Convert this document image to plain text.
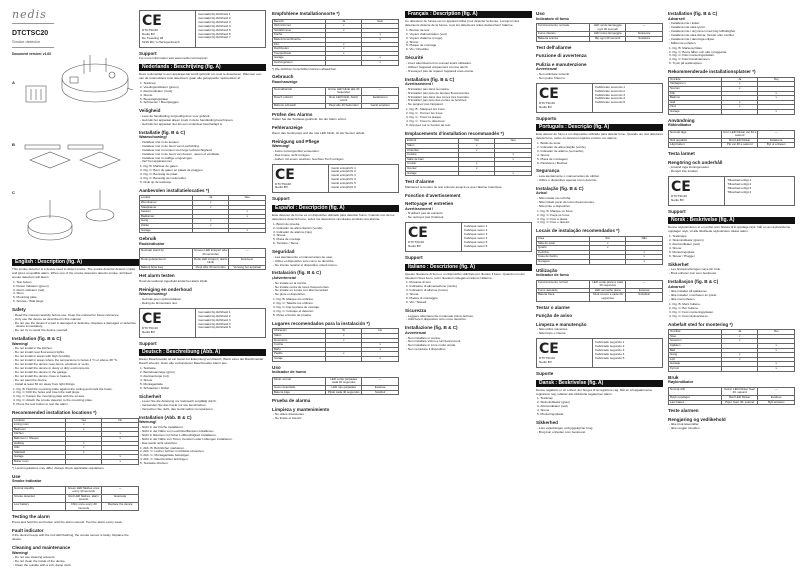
nedis
DTCTSC20
Smoke detector
Document version: v1.00
A
B
C
English : Description (fig. A)
This smoke detector is a device used to detect smoke. The smoke detector detects smoke and gives an audible alarm. When one of the smoke detectors detects smoke, all linked smoke detectors will alarm.
1. Test button
2. Power indicator (green)
3. Alarm indicator (red)
4. Siren
5. Mounting plate
6. Screws / Wall plugs
Safety
- Read the manual carefully before use. Keep the manual for future reference.
- Only use the device as described in this manual.
- Do not use the device if a part is damaged or defective. Replace a damaged or defective device immediately.
- Do not try to repair the device yourself.
Installation (fig. B & C)
Warning!
- Do not install in the kitchen.
- Do not install near fluorescent lights.
- Do not install in areas with high humidity.
- Do not install in areas where the temperature is below 4 °C or above 38 °C.
- Do not install the device near doors, windows or vents.
- Do not install the device in dusty or dirty environments.
- Do not install the device in the garage.
- Do not install the device close to heaters.
- Do not paint the device.
- Install at least 30 cm away from light fittings.
1. Fig. B: Hold the mounting plate against the ceiling and mark the holes.
2. Fig. C: Drill the holes and insert the wall plugs.
3. Fig. C: Fasten the mounting plate with the screws.
4. Fig. C: Attach the smoke detector to the mounting plate.
5. Press the test button to test the alarm.
Recommended installation locations *)
Location	Yes	No
Living room	x	
Bedroom	x	
Kitchen		x
Bathroom / Shower		x
Hallway	x	
Attic	x	
Stairwell	x	
Garage		x
Boiler room		x
*) Local regulations may differ. Always check applicable regulations.
Use
Smoke indicator
Normal standby	Green LED flashes once every 40 seconds	—
Smoke detected	Red LED flashes, alarm sounds	Evacuate
Low battery	Chirp once every 40 seconds	Replace the device
Testing the alarm
Press and hold the test button until the alarm sounds. Test the alarm every week.
Fault indicator
If the device beeps with the red LED flashing, the smoke sensor is faulty. Replace the device.
Cleaning and maintenance
Warning!
- Do not use cleaning solvents.
- Do not clean the inside of the device.
- Clean the outside with a soft, damp cloth.
CE
DTCTSC20
Nedis BV
De Tweeling 28
5215 MC 's-Hertogenbosch
Gemaakt bij dichtheid 1
Gemaakt bij dichtheid 2
Gemaakt bij dichtheid 3
Gemaakt bij dichtheid 4
Gemaakt bij dichtheid 5
Gemaakt bij dichtheid 6
Gemaakt bij dichtheid 7
Support
For more information visit www.nedis.com/support
Nederlands : Beschrijving (fig. A)
Deze rookmelder is een apparaat dat wordt gebruikt om rook te detecteren. Wanneer een van de rookmelders rook detecteert, gaan alle gekoppelde rookmelders af.
1. Testknop
2. Voedingsindicator (groen)
3. Alarmindicator (rood)
4. Sirene
5. Bevestigingsplaat
6. Schroeven / Muurpluggen
Veiligheid
- Lees de handleiding zorgvuldig door voor gebruik.
- Gebruik het apparaat alleen zoals in deze handleiding beschreven.
- Gebruik het apparaat niet als een onderdeel beschadigd is.
Installatie (fig. B & C)
Waarschuwing!
- Installeer niet in de keuken.
- Installeer niet in de buurt van tl-verlichting.
- Installeer niet in ruimten met hoge luchtvochtigheid.
- Installeer niet in de buurt van deuren, ramen of ventilatie.
- Installeer niet in stoffige omgevingen.
- Verf het apparaat niet.
1. Fig. B: Markeer de gaten.
2. Fig. C: Boor de gaten en plaats de pluggen.
3. Fig. C: Bevestig de plaat.
4. Fig. C: Bevestig de rookmelder.
5. Druk op de testknop.
Aanbevolen installatielocaties *)
Locatie	Ja	Nee
Woonkamer	x	
Slaapkamer	x	
Keuken		x
Badkamer		x
Gang	x	
Zolder	x	
Garage		x
Gebruik
Rookindicator
Normaal stand-by	Groene LED knippert elke 40 seconden	—
Rook gedetecteerd	Rode LED knippert, alarm klinkt	Evacueer
Batterij bijna leeg	Piept elke 40 seconden	Vervang het apparaat
Het alarm testen
Houd de testknop ingedrukt totdat het alarm klinkt.
Reiniging en onderhoud
Waarschuwing!
- Gebruik geen oplosmiddelen.
- Reinig de binnenkant niet.
CE
DTCTSC20
Nedis BV
Gemaakt bij dichtheid 1
Gemaakt bij dichtheid 2
Gemaakt bij dichtheid 3
Gemaakt bij dichtheid 4
Gemaakt bij dichtheid 5
Support
Deutsch : Beschreibung (Abb. A)
Dieser Rauchmelder ist ein Gerät zur Erkennung von Rauch. Wenn einer der Rauchmelder Rauch erkennt, lösen alle verbundenen Rauchmelder Alarm aus.
1. Testtaste
2. Betriebsanzeige (grün)
3. Alarmanzeige (rot)
4. Sirene
5. Montageplatte
6. Schrauben / Dübel
Sicherheit
- Lesen Sie die Anleitung vor Gebrauch sorgfältig durch.
- Verwenden Sie das Gerät nur wie beschrieben.
- Versuchen Sie nicht, das Gerät selbst zu reparieren.
Installation (Abb. B & C)
Warnung!
- Nicht in der Küche installieren.
- Nicht in der Nähe von Leuchtstofflampen installieren.
- Nicht in Räumen mit hoher Luftfeuchtigkeit installieren.
- Nicht in der Nähe von Türen, Fenstern oder Lüftungen installieren.
- Das Gerät nicht streichen.
1. Abb. B: Bohrlöcher markieren.
2. Abb. C: Löcher bohren und Dübel einsetzen.
3. Abb. C: Montageplatte befestigen.
4. Abb. C: Rauchmelder anbringen.
5. Testtaste drücken.
Empfohlene Installationsorte *)
Bereich	Ja	Nein
Wohnzimmer	x	
Schlafzimmer	x	
Küche		x
Badezimmer/Dusche		x
Flur	x	
Dachboden	x	
Treppenhaus	x	
Garage		x
Heizungsraum		x
*) Die örtlichen Vorschriften können abweichen.
Gebrauch
Rauchanzeige
Normalbetrieb	Grüne LED blinkt alle 40 Sekunden	—
Rauch erkannt	Rote LED blinkt, Alarm ertönt	Evakuieren
Batterie schwach	Piept alle 40 Sekunden	Gerät ersetzen
Prüfen des Alarms
Halten Sie die Testtaste gedrückt, bis der Alarm ertönt.
Fehleranzeige
Wenn das Gerät piept und die rote LED blinkt, ist der Sensor defekt.
Reinigung und Pflege
Warnung!
- Keine Lösungsmittel verwenden.
- Das Innere nicht reinigen.
- Außen mit einem weichen, feuchten Tuch reinigen.
CE
DTCTSC20
Nedis BV
Gerät entspricht 1
Gerät entspricht 2
Gerät entspricht 3
Gerät entspricht 4
Gerät entspricht 5
Gerät entspricht 6
Support
Español : Descripción (fig. A)
Este detector de humo es un dispositivo utilizado para detectar humo. Cuando uno de los detectores detecta humo, todos los detectores vinculados emitirán una alarma.
1. Botón de prueba
2. Indicador de alimentación (verde)
3. Indicador de alarma (rojo)
4. Sirena
5. Placa de montaje
6. Tornillos / Tacos
Seguridad
- Lea atentamente el manual antes de usar.
- Utilice el dispositivo solo como se describe.
- No intente reparar el dispositivo usted mismo.
Instalación (fig. B & C)
¡Advertencia!
- No instale en la cocina.
- No instale cerca de luces fluorescentes.
- No instale en zonas con alta humedad.
- No pinte el dispositivo.
1. Fig. B: Marque los orificios.
2. Fig. C: Taladre los orificios.
3. Fig. C: Fije la placa de montaje.
4. Fig. C: Coloque el detector.
5. Pulse el botón de prueba.
Lugares recomendados para la instalación *)
Ubicación	Sí	No
Salón	x	
Dormitorio	x	
Cocina		x
Baño		x
Pasillo	x	
Garaje		x
Uso
Indicador de humo
Modo normal	LED verde parpadea cada 40 segundos	—
Humo detectado	LED rojo parpadea	Evacuar
Batería baja	Pitido cada 40 segundos	Sustituir
Prueba de alarma
Limpieza y mantenimiento
- No utilice disolventes.
- No limpie el interior.
Français : Description (fig. A)
Ce détecteur de fumée est un appareil utilisé pour détecter la fumée. Lorsqu'un des détecteurs détecte de la fumée, tous les détecteurs reliés déclenchent l'alarme.
1. Bouton de test
2. Voyant d'alimentation (vert)
3. Voyant d'alarme (rouge)
4. Sirène
5. Plaque de montage
6. Vis / Chevilles
Sécurité
- Lisez attentivement le manuel avant utilisation.
- Utilisez l'appareil uniquement comme décrit.
- N'essayez pas de réparer l'appareil vous-même.
Installation (fig. B & C)
Avertissement !
- N'installez pas dans la cuisine.
- N'installez pas près de lampes fluorescentes.
- N'installez pas dans des zones très humides.
- N'installez pas près des portes ou fenêtres.
- Ne peignez pas l'appareil.
1. Fig. B : Marquez les trous.
2. Fig. C : Percez les trous.
3. Fig. C : Fixez la plaque.
4. Fig. C : Fixez le détecteur.
5. Appuyez sur le bouton de test.
Emplacements d'installation recommandés *)
Endroit	Oui	Non
Salon	x	
Chambre	x	
Cuisine		x
Salle de bain		x
Couloir	x	
Grenier	x	
Garage		x
Test d'alarme
Maintenez le bouton de test enfoncé jusqu'à ce que l'alarme retentisse.
Fonction d'avertissement
Nettoyage et entretien
Avertissement !
- N'utilisez pas de solvants.
- Ne nettoyez pas l'intérieur.
CE
DTCTSC20
Nedis BV
Fabriqué selon 1
Fabriqué selon 2
Fabriqué selon 3
Fabriqué selon 4
Fabriqué selon 5
Fabriqué selon 6
Support
Italiano : Descrizione (fig. A)
Questo rilevatore di fumo è un dispositivo utilizzato per rilevare il fumo. Quando uno dei rilevatori rileva fumo, tutti i rilevatori collegati emettono l'allarme.
1. Pulsante di test
2. Indicatore di alimentazione (verde)
3. Indicatore di allarme (rosso)
4. Sirena
5. Piastra di montaggio
6. Viti / Tasselli
Sicurezza
- Leggere attentamente il manuale prima dell'uso.
- Utilizzare il dispositivo solo come descritto.
Installazione (fig. B & C)
Avvertenza!
- Non installare in cucina.
- Non installare vicino a luci fluorescenti.
- Non installare in zone molto umide.
- Non verniciare il dispositivo.
Uso
Indicatore di fumo
Funzionamento normale	LED verde lampeggia ogni 40 secondi	—
Fumo rilevato	LED rosso lampeggia	Evacuare
Batteria scarica	Bip ogni 40 secondi	Sostituire
Test dell'allarme
Funzione di avvertenza
Pulizia e manutenzione
Avvertenza!
- Non utilizzare solventi.
- Non pulire l'interno.
CE
DTCTSC20
Nedis BV
Fabbricato secondo 1
Fabbricato secondo 2
Fabbricato secondo 3
Fabbricato secondo 4
Fabbricato secondo 5
Supporto
Português : Descrição (fig. A)
Este detetor de fumo é um dispositivo utilizado para detetar fumo. Quando um dos detetores deteta fumo, todos os detetores ligados emitem um alarme.
1. Botão de teste
2. Indicador de alimentação (verde)
3. Indicador de alarme (vermelho)
4. Sirene
5. Placa de montagem
6. Parafusos / Buchas
Segurança
- Leia atentamente o manual antes de utilizar.
- Utilize o dispositivo apenas como descrito.
Instalação (fig. B & C)
Aviso!
- Não instale na cozinha.
- Não instale perto de luzes fluorescentes.
- Não pinte o dispositivo.
1. Fig. B: Marque os furos.
2. Fig. C: Faça os furos.
3. Fig. C: Fixe a placa.
4. Fig. C: Fixe o detetor.
Locais de instalação recomendados *)
Área	Sim	Não
Sala de estar	x	
Quarto	x	
Cozinha		x
Casa de banho		x
Garagem		x
Utilização
Indicador de fumo
Funcionamento normal	LED verde pisca a cada 40 segundos	—
Fumo detetado	LED vermelho pisca	Evacuar
Bateria fraca	Sinal sonoro a cada 40 segundos	Substituir
Testar o alarme
Função de aviso
Limpeza e manutenção
- Não utilize solventes.
- Não limpe o interior.
CE
DTCTSC20
Nedis BV
Fabricado segundo 1
Fabricado segundo 2
Fabricado segundo 3
Fabricado segundo 4
Fabricado segundo 5
Suporte
Dansk : Beskrivelse (fig. A)
Denne røgalarm er en enhed, der bruges til at registrere røg. Når en af røgalarmerne registrerer røg, udløser alle tilsluttede røgalarmer alarm.
1. Testknap
2. Strømindikator (grøn)
3. Alarmindikator (rød)
4. Sirene
5. Monteringsplade
Sikkerhed
- Læs vejledningen omhyggeligt før brug.
- Brug kun enheden som beskrevet.
Installation (fig. B & C)
Advarsel!
- Installera inte i köket.
- Installera inte nära lysrör.
- Installera inte i utrymmen med hög luftfuktighet.
- Installera inte nära dörrar, fönster eller ventiler.
- Installera inte i dammiga miljöer.
- Måla inte enheten.
1. Fig. B: Markera hålen.
2. Fig. C: Borra hålen och sätt i pluggarna.
3. Fig. C: Fäst monteringsplattan.
4. Fig. C: Fäst brandvarnaren.
5. Tryck på testknappen.
Rekommenderade installationsplatser *)
Område	Ja	Nej
Vardagsrum	x	
Sovrum	x	
Kök		x
Badrum		x
Hall	x	
Vind	x	
Garage		x
Användning
Rökindikator
Normalt läge	Grön LED blinkar var 40:e sekund	—
Rök upptäckt	Röd LED blinkar	Evakuera
Lågt batteri	Pip var 40:e sekund	Byt ut enheten
Testa larmet
Rengöring och underhåll
- Använd inga lösningsmedel.
- Rengör inte insidan.
CE
DTCTSC20
Nedis BV
Tillverkad enligt 1
Tillverkad enligt 2
Tillverkad enligt 3
Tillverkad enligt 4
Support
Norsk : Beskrivelse (fig. A)
Denne røykvarsleren er en enhet som brukes til å oppdage røyk. Når en av røykvarslerne oppdager røyk, vil alle tilkoblede røykvarslere utløse alarm.
1. Testknapp
2. Strømindikator (grønn)
3. Alarmindikator (rød)
4. Sirene
5. Monteringsplate
6. Skruer / Plugger
Sikkerhet
- Les bruksanvisningen nøye før bruk.
- Bruk enheten kun som beskrevet.
Installasjon (fig. B & C)
Advarsel!
- Ikke installer på kjøkkenet.
- Ikke installer i nærheten av lysrør.
- Ikke mal enheten.
1. Fig. B: Merk hullene.
2. Fig. C: Bor hullene.
3. Fig. C: Fest monteringsplaten.
4. Fig. C: Fest røykvarsleren.
Anbefalt sted for montering *)
Område	Ja	Nei
Stue	x	
Soverom	x	
Kjøkken		x
Bad		x
Gang	x	
Loft	x	
Garasje		x
Fyrrom		x
Bruk
Røykindikator
Normal drift	Grønn LED blinker hvert 40. sekund	—
Røyk oppdaget	Rød LED blinker	Evakuer
Lavt batteri	Piper hvert 40. sekund	Bytt enheten
Teste alarmen
Rengjøring og vedlikehold
- Ikke bruk løsemidler.
- Ikke rengjør innsiden.
